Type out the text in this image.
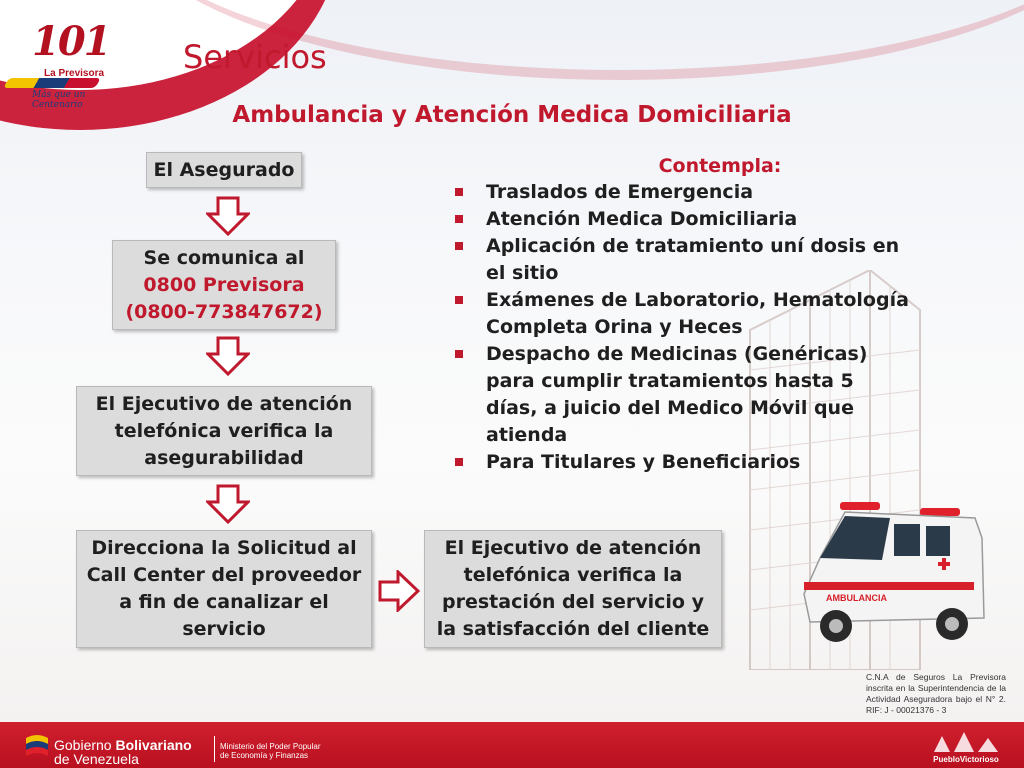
101
La Previsora
Más que un Centenario
Servicios
Ambulancia y Atención Medica Domiciliaria
El Asegurado
Se comunica al
0800 Previsora
(0800-773847672)
El Ejecutivo de atención telefónica verifica la asegurabilidad
Direcciona la Solicitud al Call Center del proveedor a fin de canalizar el servicio
El Ejecutivo de atención telefónica verifica la prestación del servicio y la satisfacción del cliente
Contempla:
Traslados de Emergencia
Atención Medica Domiciliaria
Aplicación de tratamiento uní dosis en el sitio
Exámenes de Laboratorio, Hematología Completa Orina y Heces
Despacho de Medicinas (Genéricas) para cumplir tratamientos hasta 5 días, a juicio del Medico Móvil que atienda
Para Titulares y Beneficiarios
AMBULANCIA
C.N.A de Seguros La Previsora inscrita en la Superintendencia de la Actividad Aseguradora bajo el N° 2. RIF: J - 00021376 - 3
Gobierno Bolivariano
de Venezuela
Ministerio del Poder Popular
de Economía y Finanzas	PuebloVictorioso
